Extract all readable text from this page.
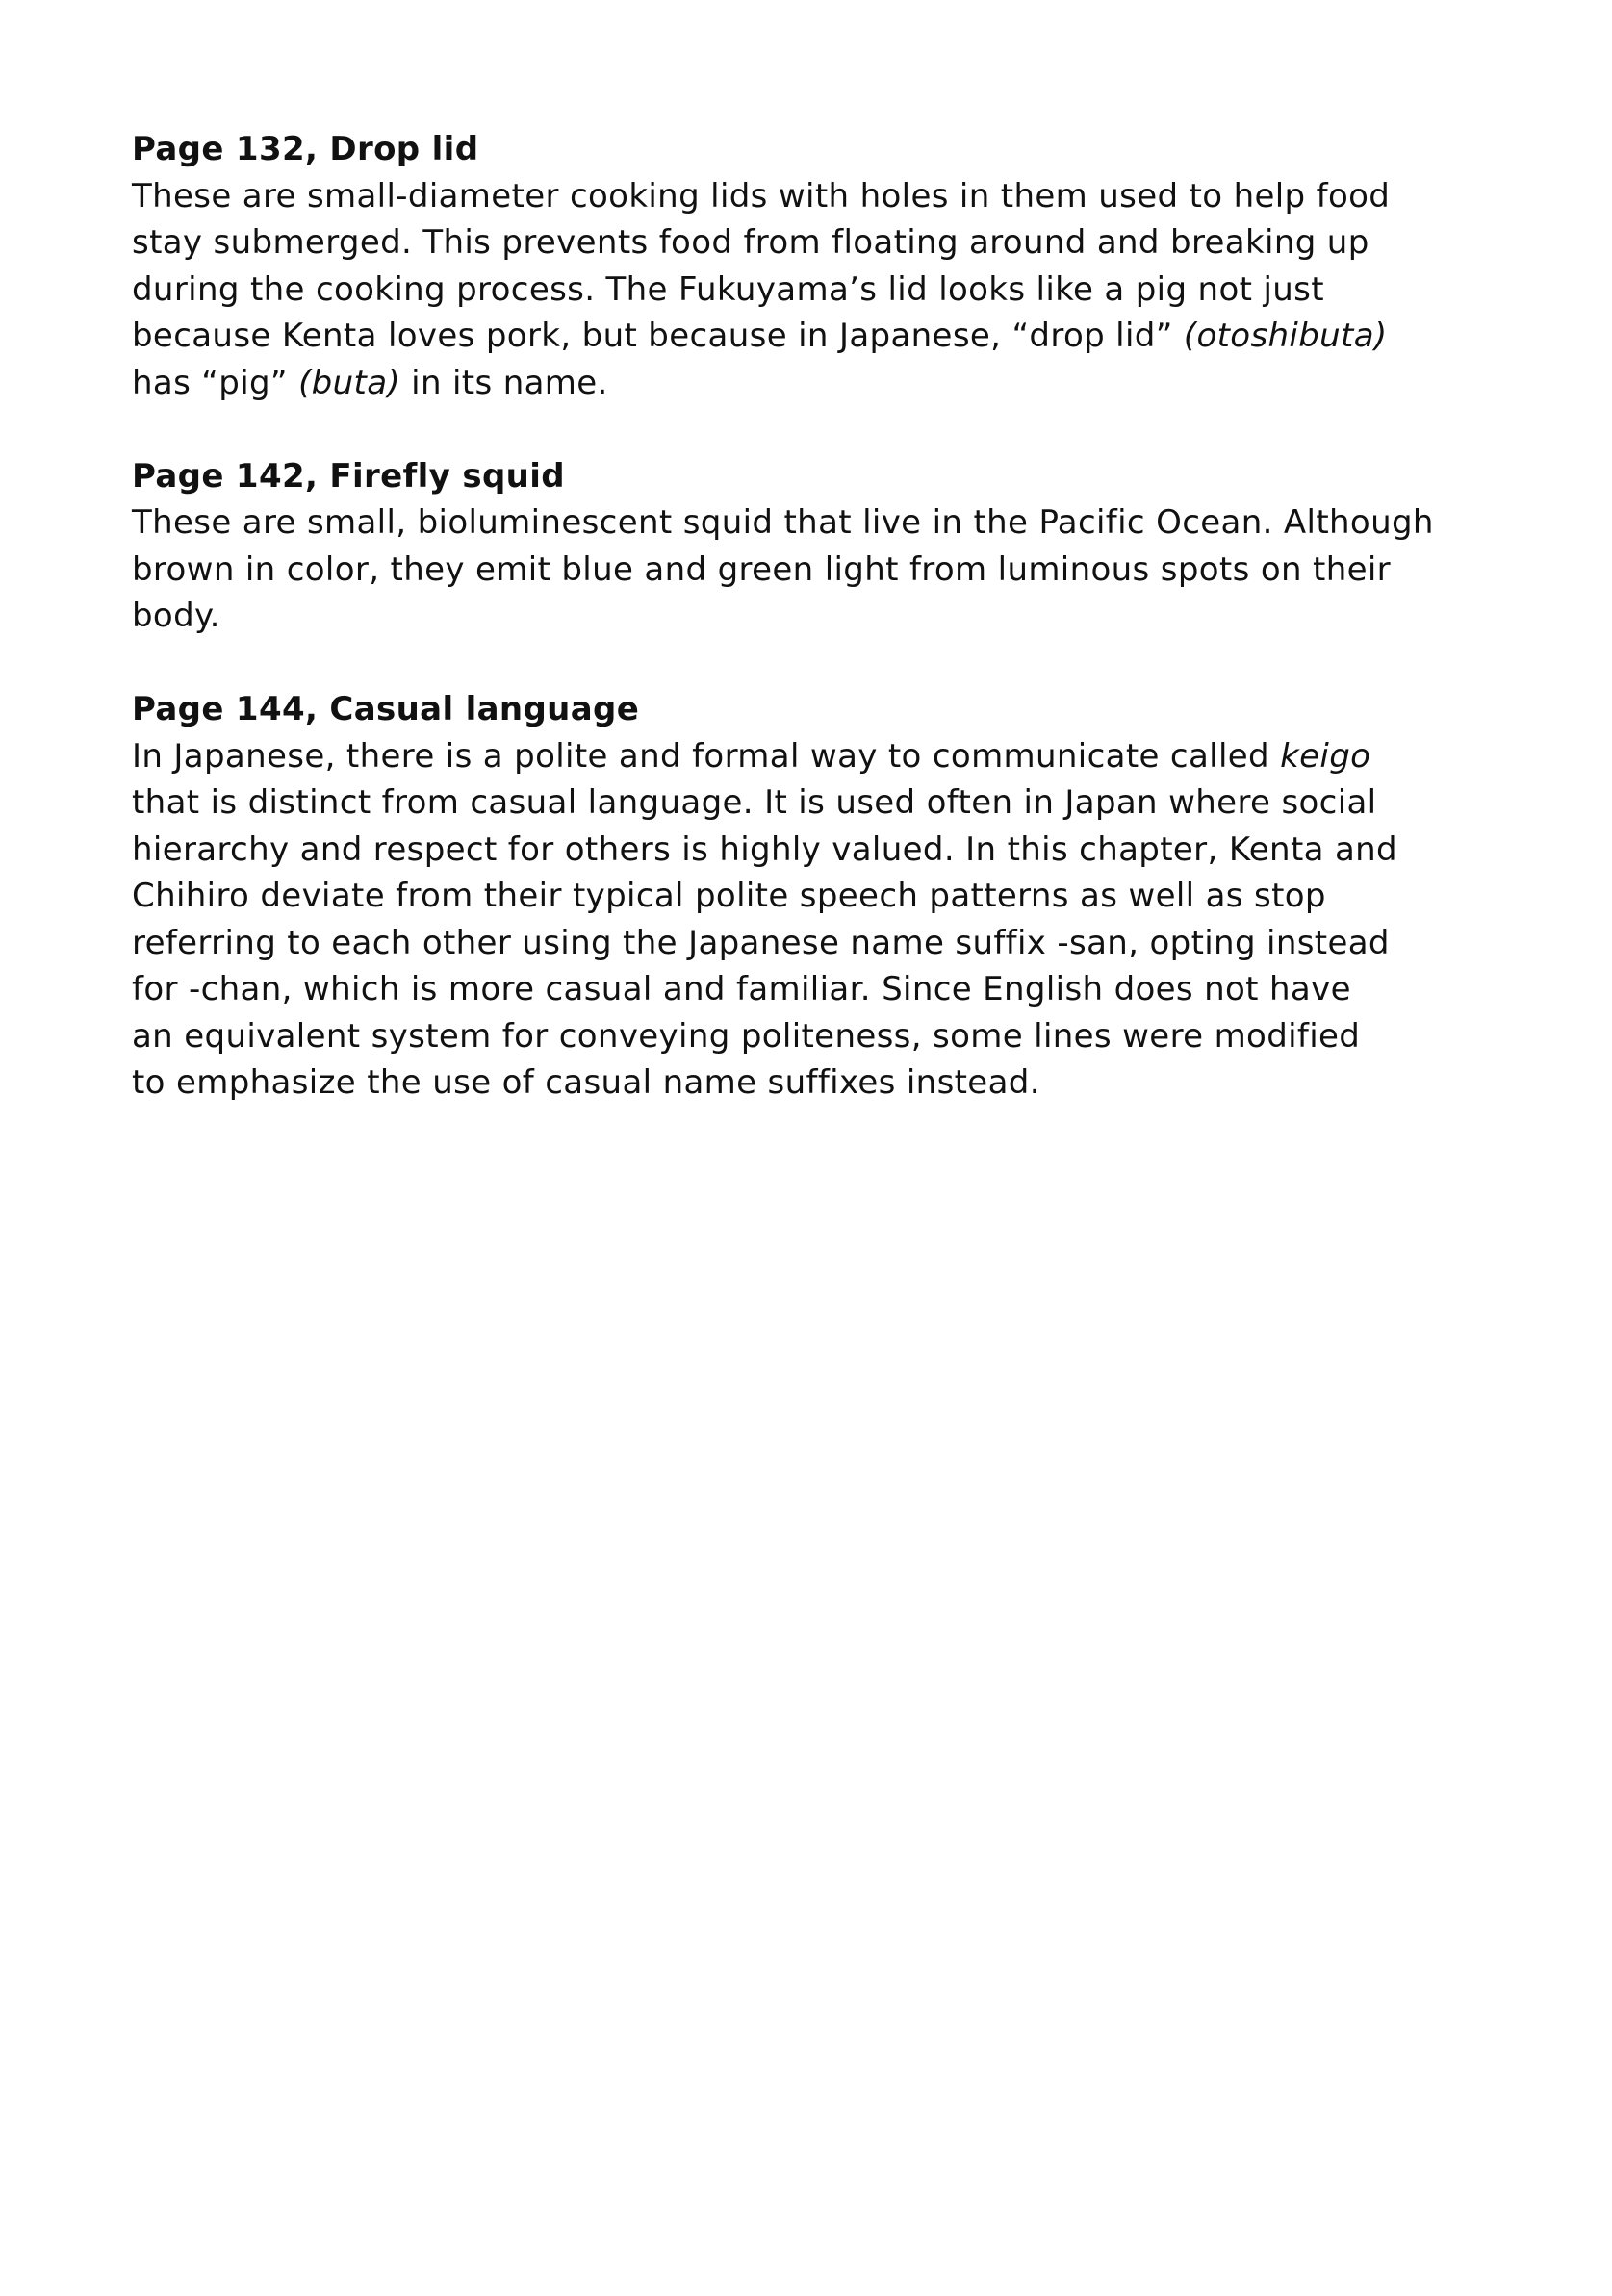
Page 132, Drop lid
These are small-diameter cooking lids with holes in them used to help food
stay submerged. This prevents food from floating around and breaking up
during the cooking process. The Fukuyama’s lid looks like a pig not just
because Kenta loves pork, but because in Japanese, “drop lid” (otoshibuta)
has “pig” (buta) in its name.
Page 142, Firefly squid
These are small, bioluminescent squid that live in the Pacific Ocean. Although
brown in color, they emit blue and green light from luminous spots on their
body.
Page 144, Casual language
In Japanese, there is a polite and formal way to communicate called keigo
that is distinct from casual language. It is used often in Japan where social
hierarchy and respect for others is highly valued. In this chapter, Kenta and
Chihiro deviate from their typical polite speech patterns as well as stop
referring to each other using the Japanese name suffix -san, opting instead
for -chan, which is more casual and familiar. Since English does not have
an equivalent system for conveying politeness, some lines were modified
to emphasize the use of casual name suffixes instead.
